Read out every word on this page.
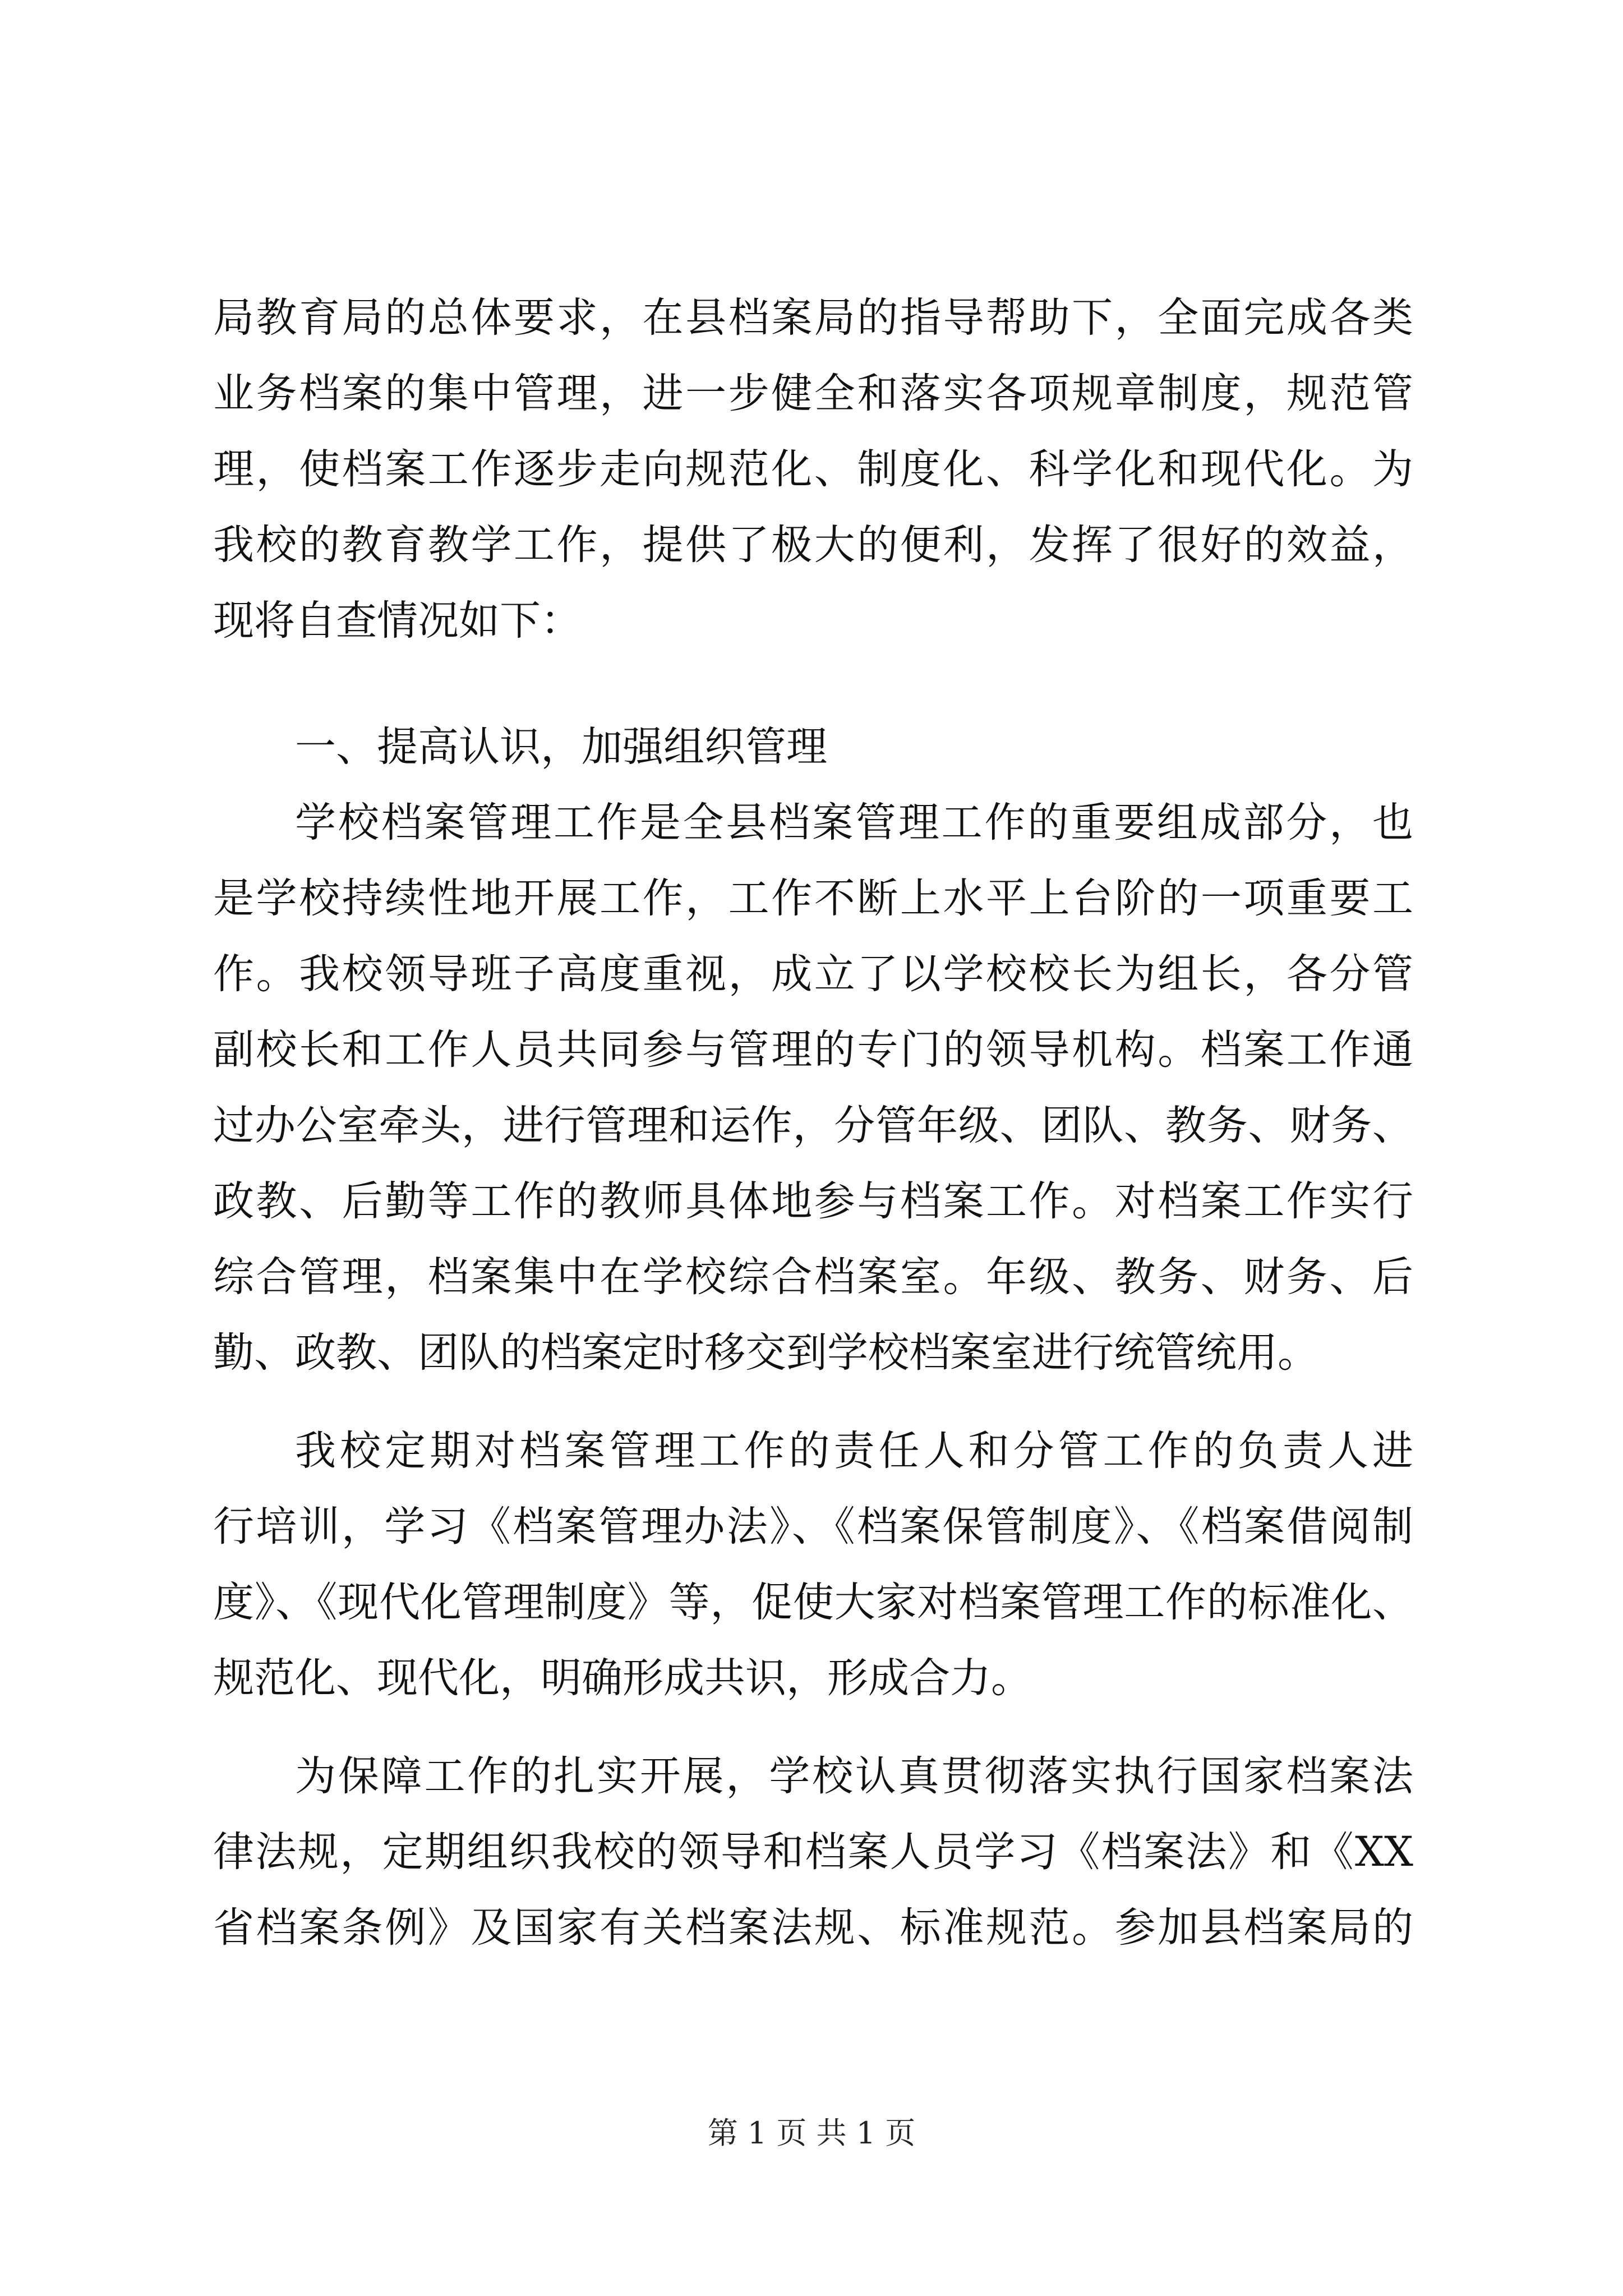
局教育局的总体要求，在县档案局的指导帮助下，全面完成各类
业务档案的集中管理，进一步健全和落实各项规章制度，规范管
理，使档案工作逐步走向规范化、制度化、科学化和现代化。为
我校的教育教学工作，提供了极大的便利，发挥了很好的效益，
现将自查情况如下：
一、提高认识，加强组织管理
学校档案管理工作是全县档案管理工作的重要组成部分，也
是学校持续性地开展工作，工作不断上水平上台阶的一项重要工
作。我校领导班子高度重视，成立了以学校校长为组长，各分管
副校长和工作人员共同参与管理的专门的领导机构。档案工作通
过办公室牵头，进行管理和运作，分管年级、团队、教务、财务、
政教、后勤等工作的教师具体地参与档案工作。对档案工作实行
综合管理，档案集中在学校综合档案室。年级、教务、财务、后
勤、政教、团队的档案定时移交到学校档案室进行统管统用。
我校定期对档案管理工作的责任人和分管工作的负责人进
行培训，学习《档案管理办法》、《档案保管制度》、《档案借阅制
度》、《现代化管理制度》等，促使大家对档案管理工作的标准化、
规范化、现代化，明确形成共识，形成合力。
为保障工作的扎实开展，学校认真贯彻落实执行国家档案法
律法规，定期组织我校的领导和档案人员学习《档案法》和《XX
省档案条例》及国家有关档案法规、标准规范。参加县档案局的
第 1 页 共 1 页
